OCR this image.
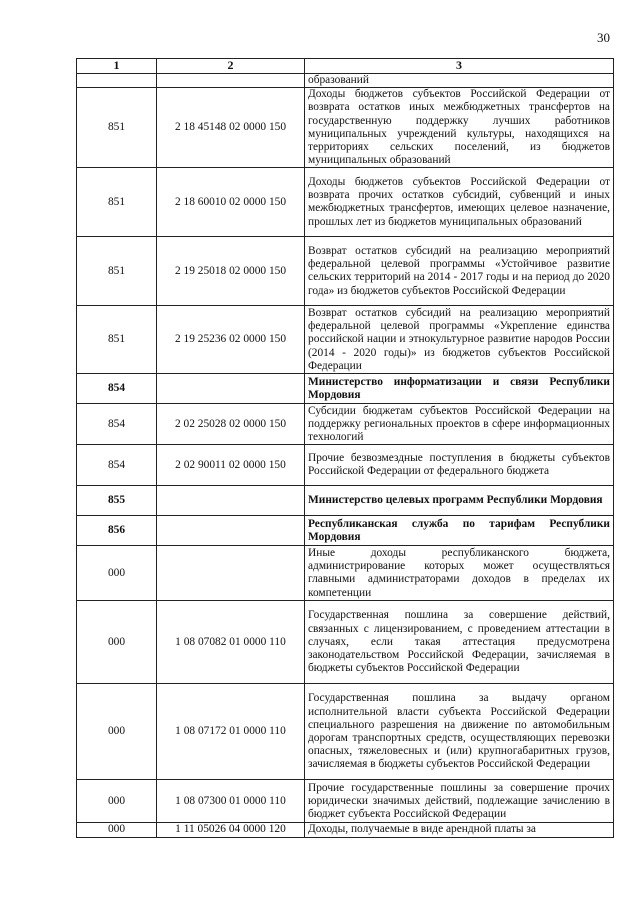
30
1	2	3
		образований
851	2 18 45148 02 0000 150	Доходы бюджетов субъектов Российской Федерации от возврата остатков иных межбюджетных трансфертов на государственную поддержку лучших работников муниципальных учреждений культуры, находящихся на территориях сельских поселений, из бюджетов муниципальных образований
851	2 18 60010 02 0000 150	Доходы бюджетов субъектов Российской Федерации от возврата прочих остатков субсидий, субвенций и иных межбюджетных трансфертов, имеющих целевое назначение, прошлых лет из бюджетов муниципальных образований
851	2 19 25018 02 0000 150	Возврат остатков субсидий на реализацию мероприятий федеральной целевой программы «Устойчивое развитие сельских территорий на 2014 - 2017 годы и на период до 2020 года» из бюджетов субъектов Российской Федерации
851	2 19 25236 02 0000 150	Возврат остатков субсидий на реализацию мероприятий федеральной целевой программы «Укрепление единства российской нации и этнокультурное развитие народов России (2014 - 2020 годы)» из бюджетов субъектов Российской Федерации
854		Министерство информатизации и связи Республики Мордовия
854	2 02 25028 02 0000 150	Субсидии бюджетам субъектов Российской Федерации на поддержку региональных проектов в сфере информационных технологий
854	2 02 90011 02 0000 150	Прочие безвозмездные поступления в бюджеты субъектов Российской Федерации от федерального бюджета
855		Министерство целевых программ Республики Мордовия
856		Республиканская служба по тарифам Республики Мордовия
000		Иные доходы республиканского бюджета, администрирование которых может осуществляться главными администраторами доходов в пределах их компетенции
000	1 08 07082 01 0000 110	Государственная пошлина за совершение действий, связанных с лицензированием, с проведением аттестации в случаях, если такая аттестация предусмотрена законодательством Российской Федерации, зачисляемая в бюджеты субъектов Российской Федерации
000	1 08 07172 01 0000 110	Государственная пошлина за выдачу органом исполнительной власти субъекта Российской Федерации специального разрешения на движение по автомобильным дорогам транспортных средств, осуществляющих перевозки опасных, тяжеловесных и (или) крупногабаритных грузов, зачисляемая в бюджеты субъектов Российской Федерации
000	1 08 07300 01 0000 110	Прочие государственные пошлины за совершение прочих юридически значимых действий, подлежащие зачислению в бюджет субъекта Российской Федерации
000	1 11 05026 04 0000 120	Доходы, получаемые в виде арендной платы за
